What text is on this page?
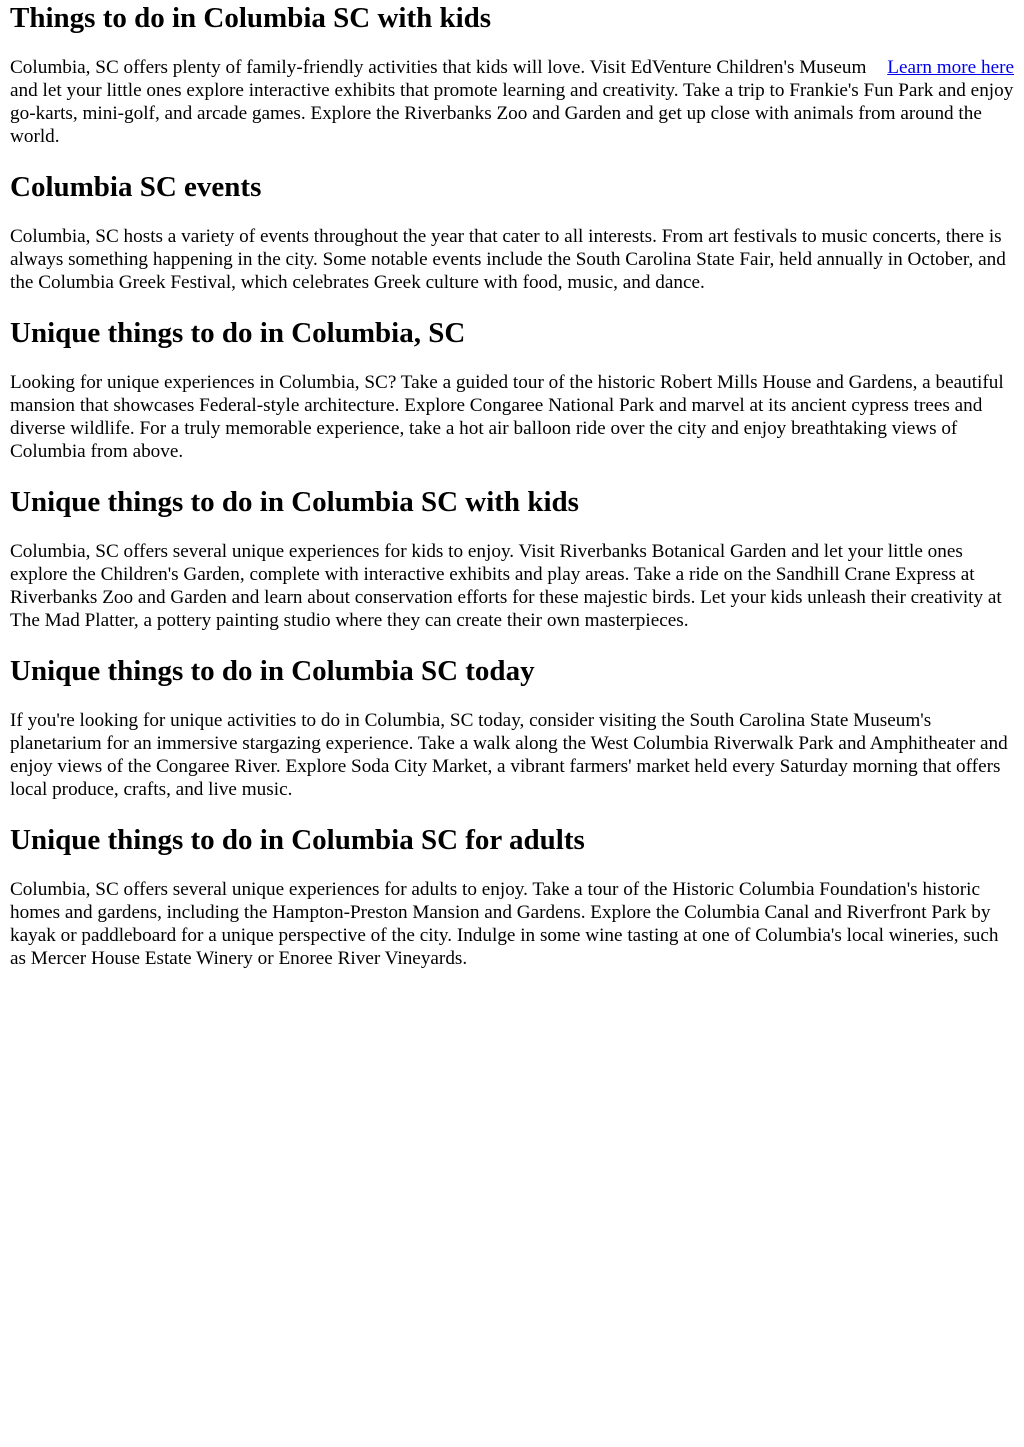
Things to do in Columbia SC with kids

Learn more here
Columbia, SC offers plenty of family-friendly activities that kids will love. Visit EdVenture Children's Museum and let your little ones explore interactive exhibits that promote learning and creativity. Take a trip to Frankie's Fun Park and enjoy go-karts, mini-golf, and arcade games. Explore the Riverbanks Zoo and Garden and get up close with animals from around the world.

Columbia SC events

Columbia, SC hosts a variety of events throughout the year that cater to all interests. From art festivals to music concerts, there is always something happening in the city. Some notable events include the South Carolina State Fair, held annually in October, and the Columbia Greek Festival, which celebrates Greek culture with food, music, and dance.

Unique things to do in Columbia, SC

Looking for unique experiences in Columbia, SC? Take a guided tour of the historic Robert Mills House and Gardens, a beautiful mansion that showcases Federal-style architecture. Explore Congaree National Park and marvel at its ancient cypress trees and diverse wildlife. For a truly memorable experience, take a hot air balloon ride over the city and enjoy breathtaking views of Columbia from above.

Unique things to do in Columbia SC with kids

Columbia, SC offers several unique experiences for kids to enjoy. Visit Riverbanks Botanical Garden and let your little ones explore the Children's Garden, complete with interactive exhibits and play areas. Take a ride on the Sandhill Crane Express at Riverbanks Zoo and Garden and learn about conservation efforts for these majestic birds. Let your kids unleash their creativity at The Mad Platter, a pottery painting studio where they can create their own masterpieces.

Unique things to do in Columbia SC today

If you're looking for unique activities to do in Columbia, SC today, consider visiting the South Carolina State Museum's planetarium for an immersive stargazing experience. Take a walk along the West Columbia Riverwalk Park and Amphitheater and enjoy views of the Congaree River. Explore Soda City Market, a vibrant farmers' market held every Saturday morning that offers local produce, crafts, and live music.

Unique things to do in Columbia SC for adults

Columbia, SC offers several unique experiences for adults to enjoy. Take a tour of the Historic Columbia Foundation's historic homes and gardens, including the Hampton-Preston Mansion and Gardens. Explore the Columbia Canal and Riverfront Park by kayak or paddleboard for a unique perspective of the city. Indulge in some wine tasting at one of Columbia's local wineries, such as Mercer House Estate Winery or Enoree River Vineyards.
